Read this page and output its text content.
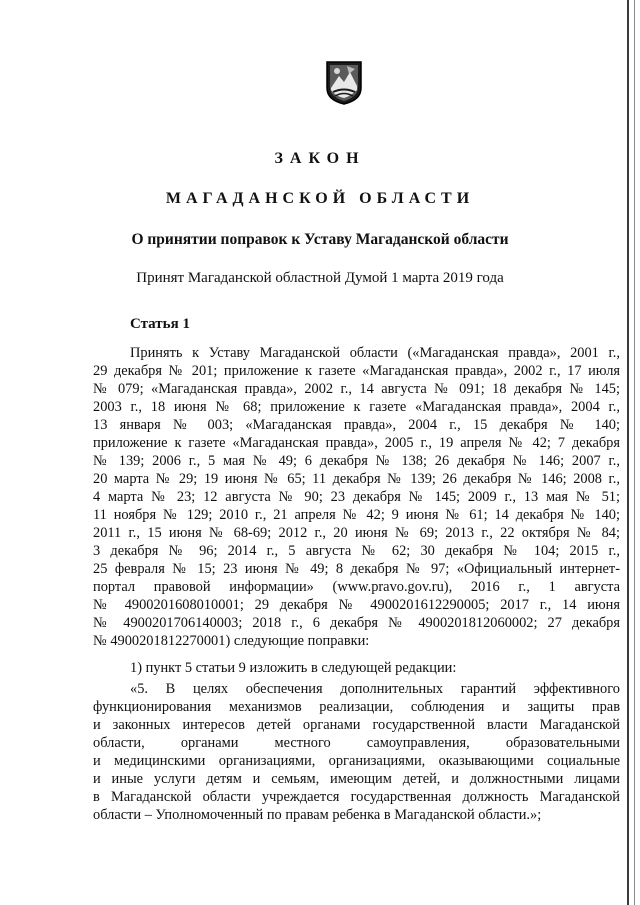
ЗАКОН
МАГАДАНСКОЙ ОБЛАСТИ
О принятии поправок к Уставу Магаданской области
Принят Магаданской областной Думой 1 марта 2019 года
Статья 1
Принять к Уставу Магаданской области («Магаданская правда», 2001 г.,
29 декабря № 201; приложение к газете «Магаданская правда», 2002 г., 17 июля
№ 079; «Магаданская правда», 2002 г., 14 августа № 091; 18 декабря № 145;
2003 г., 18 июня № 68; приложение к газете «Магаданская правда», 2004 г.,
13 января № 003; «Магаданская правда», 2004 г., 15 декабря № 140;
приложение к газете «Магаданская правда», 2005 г., 19 апреля № 42; 7 декабря
№ 139; 2006 г., 5 мая № 49; 6 декабря № 138; 26 декабря № 146; 2007 г.,
20 марта № 29; 19 июня № 65; 11 декабря № 139; 26 декабря № 146; 2008 г.,
4 марта № 23; 12 августа № 90; 23 декабря № 145; 2009 г., 13 мая № 51;
11 ноября № 129; 2010 г., 21 апреля № 42; 9 июня № 61; 14 декабря № 140;
2011 г., 15 июня № 68-69; 2012 г., 20 июня № 69; 2013 г., 22 октября № 84;
3 декабря № 96; 2014 г., 5 августа № 62; 30 декабря № 104; 2015 г.,
25 февраля № 15; 23 июня № 49; 8 декабря № 97; «Официальный интернет-
портал правовой информации» (www.pravo.gov.ru), 2016 г., 1 августа
№ 4900201608010001; 29 декабря № 4900201612290005; 2017 г., 14 июня
№ 4900201706140003; 2018 г., 6 декабря № 4900201812060002; 27 декабря
№ 4900201812270001) следующие поправки:
1) пункт 5 статьи 9 изложить в следующей редакции:
«5. В целях обеспечения дополнительных гарантий эффективного
функционирования механизмов реализации, соблюдения и защиты прав
и законных интересов детей органами государственной власти Магаданской
области, органами местного самоуправления, образовательными
и медицинскими организациями, организациями, оказывающими социальные
и иные услуги детям и семьям, имеющим детей, и должностными лицами
в Магаданской области учреждается государственная должность Магаданской
области – Уполномоченный по правам ребенка в Магаданской области.»;
